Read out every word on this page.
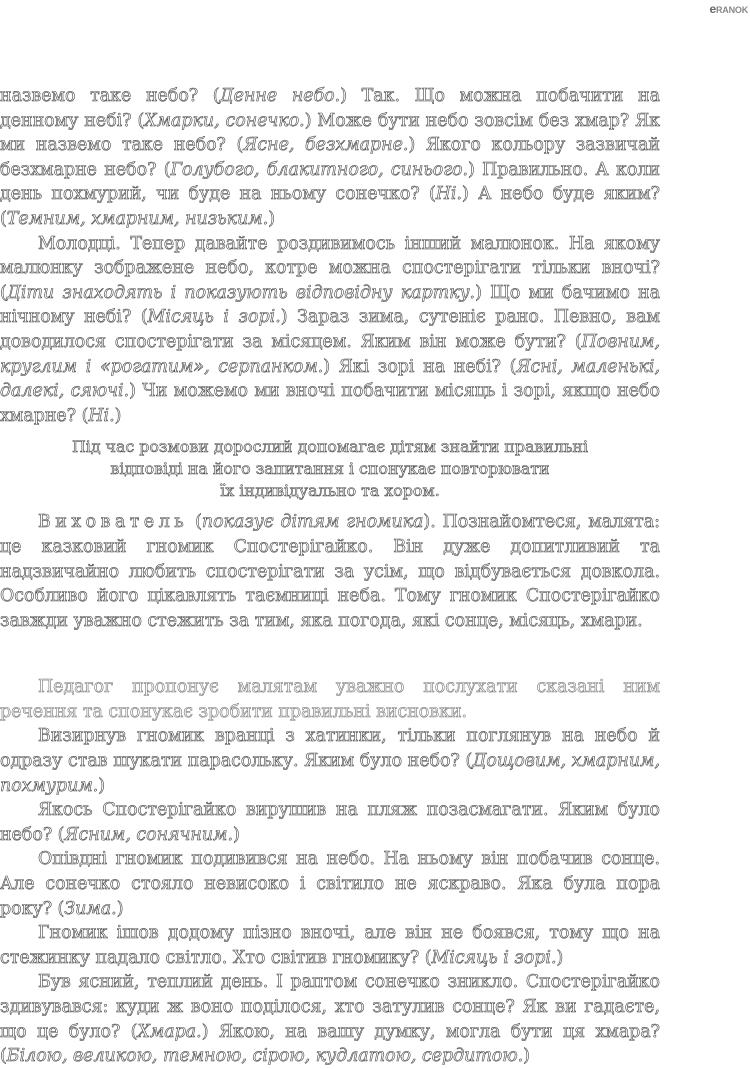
eRANOK

назвемо таке небо? (Денне небо.) Так. Що можна побачити на денному небі? (Хмарки, сонечко.) Може бути небо зовсім без хмар? Як ми назвемо таке небо? (Ясне, безхмарне.) Якого кольору зазвичай безхмарне небо? (Голубого, блакитного, синього.) Правильно. А коли день похмурий, чи буде на ньому сонечко? (Ні.) А небо буде яким? (Темним, хмарним, низьким.)

Молодці. Тепер давайте роздивимось інший малюнок. На якому малюнку зображене небо, котре можна спостерігати тільки вночі? (Діти знаходять і показують відповідну картку.) Що ми бачимо на нічному небі? (Місяць і зорі.) Зараз зима, сутеніє рано. Певно, вам доводилося спостерігати за місяцем. Яким він може бути? (Повним, круглим і «рогатим», серпанком.) Які зорі на небі? (Ясні, маленькі, далекі, сяючі.) Чи можемо ми вночі побачити місяць і зорі, якщо небо хмарне? (Ні.)

Під час розмови дорослий допомагає дітям знайти правильні
відповіді на його запитання і спонукає повторювати
їх індивідуально та хором.

Вихователь (показує дітям гномика). Познайомтеся, малята: це казковий гномик Спостерігайко. Він дуже допитливий та надзвичайно любить спостерігати за усім, що відбувається довкола. Особливо його цікавлять таємниці неба. Тому гномик Спостерігайко завжди уважно стежить за тим, яка погода, які сонце, місяць, хмари.

Педагог пропонує малятам уважно послухати сказані ним речення та спонукає зробити правильні висновки.

Визирнув гномик вранці з хатинки, тільки поглянув на небо й одразу став шукати парасольку. Яким було небо? (Дощовим, хмарним, похмурим.)

Якось Спостерігайко вирушив на пляж позасмагати. Яким було небо? (Ясним, сонячним.)

Опівдні гномик подивився на небо. На ньому він побачив сонце. Але сонечко стояло невисоко і світило не яскраво. Яка була пора року? (Зима.)

Гномик ішов додому пізно вночі, але він не боявся, тому що на стежинку падало світло. Хто світив гномику? (Місяць і зорі.)

Був ясний, теплий день. І раптом сонечко зникло. Спостерігайко здивувався: куди ж воно поділося, хто затулив сонце? Як ви гадаєте, що це було? (Хмара.) Якою, на вашу думку, могла бути ця хмара? (Білою, великою, темною, сірою, кудлатою, сердитою.)
